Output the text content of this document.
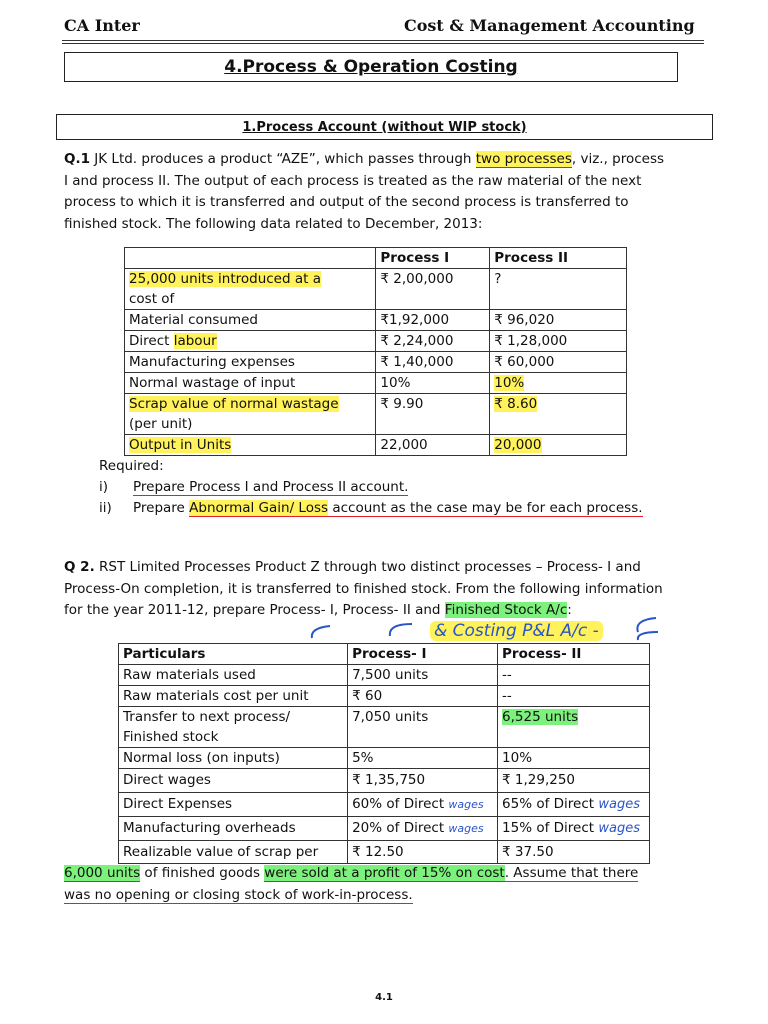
CA Inter	Cost & Management Accounting
4.Process & Operation Costing
1.Process Account (without WIP stock)
Q.1 JK Ltd. produces a product “AZE”, which passes through two processes, viz., process
I and process II. The output of each process is treated as the raw material of the next
process to which it is transferred and output of the second process is transferred to
finished stock. The following data related to December, 2013:
	Process I	Process II
25,000 units introduced at a
cost of	₹ 2,00,000	?
Material consumed	₹1,92,000	₹ 96,020
Direct labour	₹ 2,24,000	₹ 1,28,000
Manufacturing expenses	₹ 1,40,000	₹ 60,000
Normal wastage of input	10%	10%
Scrap value of normal wastage
(per unit)	₹ 9.90	₹ 8.60
Output in Units	22,000	20,000
Required:
i) Prepare Process I and Process II account.
ii) Prepare Abnormal Gain/ Loss account as the case may be for each process.
Q 2. RST Limited Processes Product Z through two distinct processes – Process- I and
Process-On completion, it is transferred to finished stock. From the following information
for the year 2011-12, prepare Process- I, Process- II and Finished Stock A/c:
& Costing P&L A/c -
Particulars	Process- I	Process- II
Raw materials used	7,500 units	--
Raw materials cost per unit	₹ 60	--
Transfer to next process/
Finished stock	7,050 units	6,525 units
Normal loss (on inputs)	5%	10%
Direct wages	₹ 1,35,750	₹ 1,29,250
Direct Expenses	60% of Direct wages	65% of Direct wages
Manufacturing overheads	20% of Direct wages	15% of Direct wages
Realizable value of scrap per	₹ 12.50	₹ 37.50
6,000 units of finished goods were sold at a profit of 15% on cost. Assume that there
was no opening or closing stock of work-in-process.
4.1
